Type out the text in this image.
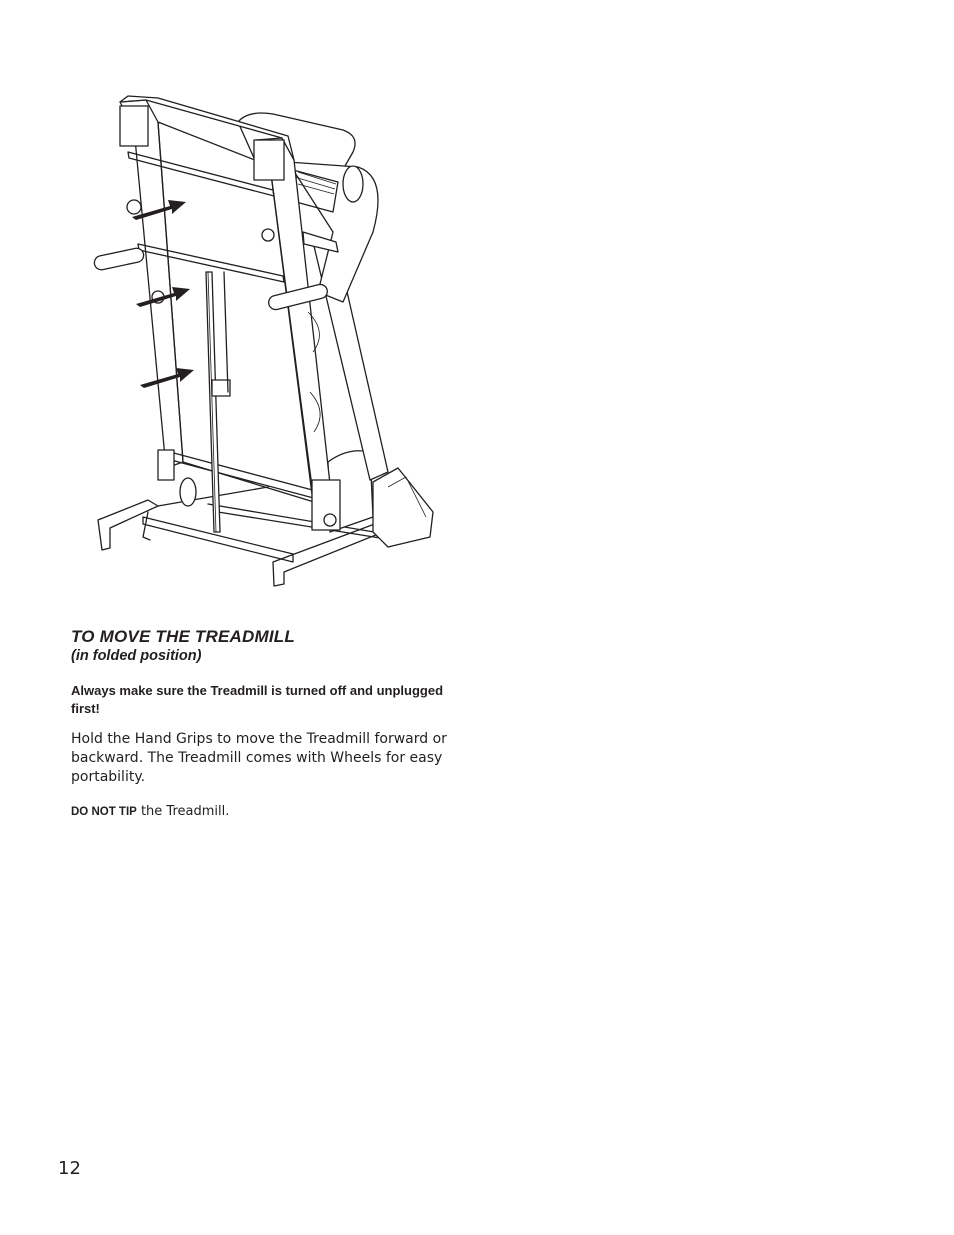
TO MOVE THE TREADMILL

(in folded position)

Always make sure the Treadmill is turned off and unplugged first!

Hold the Hand Grips to move the Treadmill forward or backward. The Treadmill comes with Wheels for easy portability.

DO NOT TIP the Treadmill.

12
